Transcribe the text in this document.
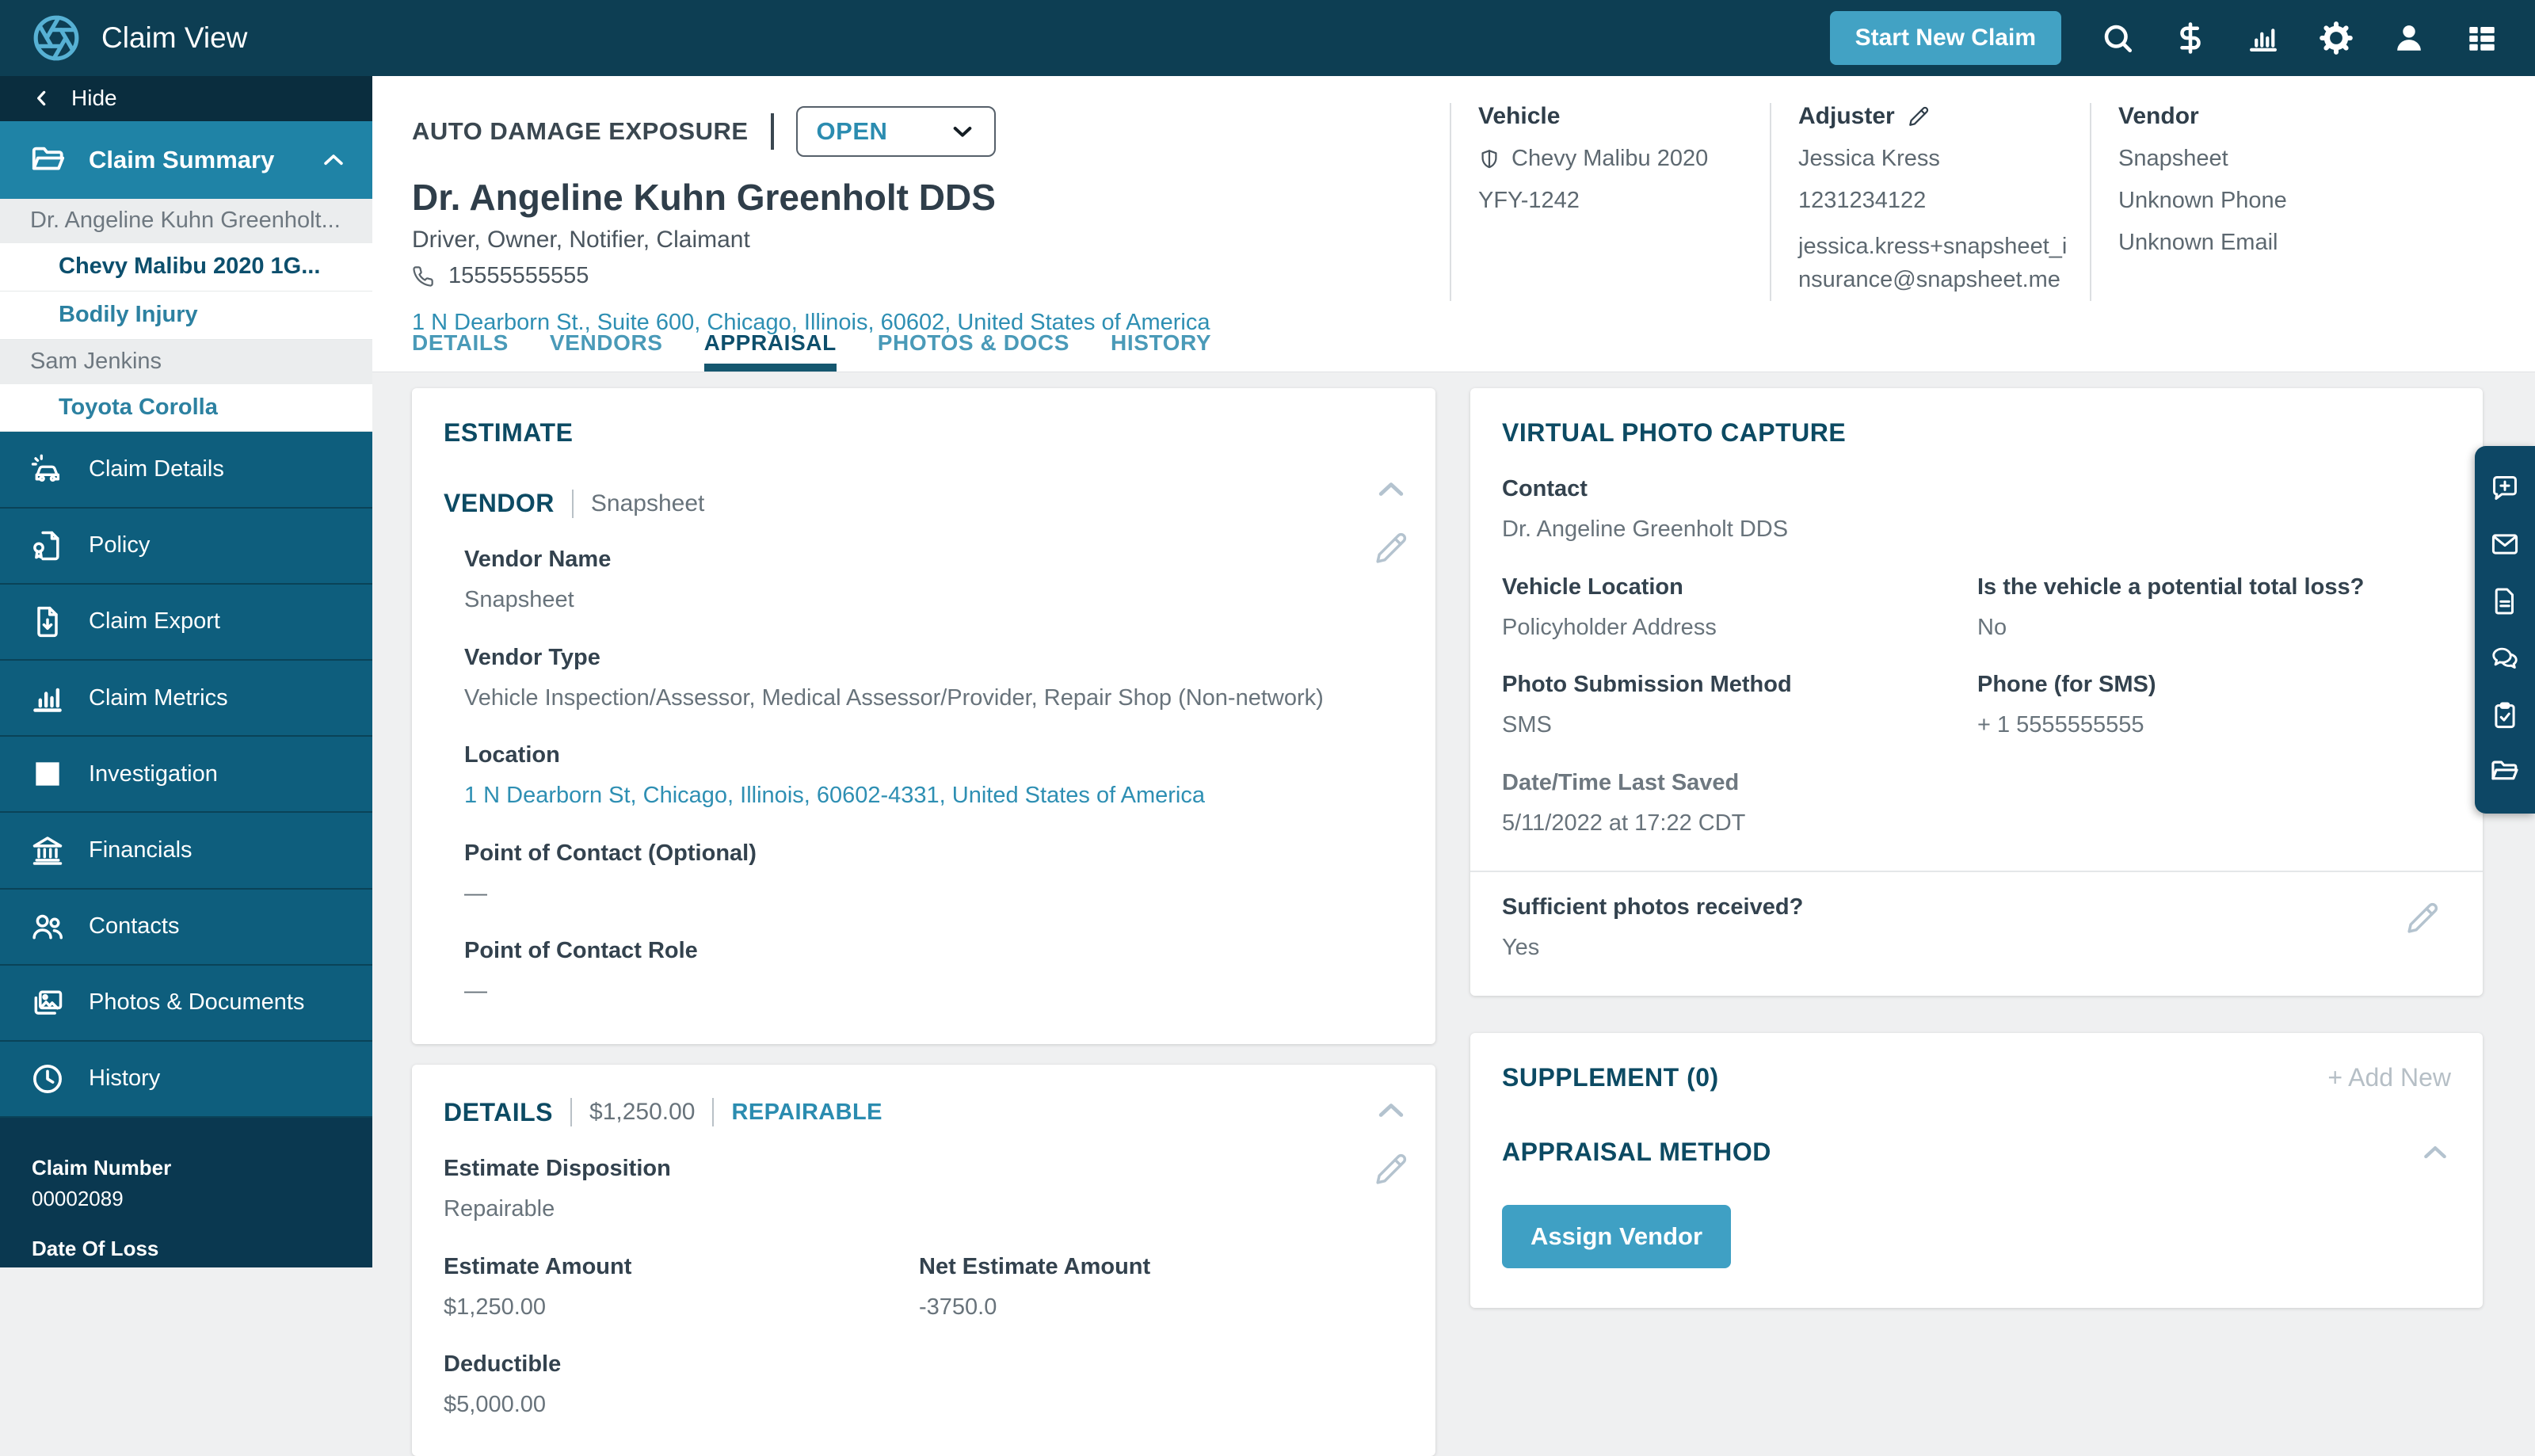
Claim View	Start New Claim
Hide
Claim Summary
Dr. Angeline Kuhn Greenholt...
Chevy Malibu 2020 1G...
Bodily Injury
Sam Jenkins
Toyota Corolla
Claim Details
Policy
Claim Export
Claim Metrics
Investigation
Financials
Contacts
Photos & Documents
History
Claim Number
00002089
Date Of Loss
AUTO DAMAGE EXPOSURE	OPEN
Dr. Angeline Kuhn Greenholt DDS
Driver, Owner, Notifier, Claimant
15555555555
1 N Dearborn St., Suite 600, Chicago, Illinois, 60602, United States of America
Vehicle
Chevy Malibu 2020
YFY-1242
Adjuster
Jessica Kress
1231234122
jessica.kress+snapsheet_insurance@snapsheet.me
Vendor
Snapsheet
Unknown Phone
Unknown Email
DETAILS VENDORS APPRAISAL PHOTOS & DOCS HISTORY
ESTIMATE
VENDOR Snapsheet
Vendor Name
Snapsheet
Vendor Type
Vehicle Inspection/Assessor, Medical Assessor/Provider, Repair Shop (Non-network)
Location
1 N Dearborn St, Chicago, Illinois, 60602-4331, United States of America
Point of Contact (Optional)
—
Point of Contact Role
—
DETAILS $1,250.00 REPAIRABLE
Estimate Disposition
Repairable
Estimate Amount
$1,250.00
Net Estimate Amount
-3750.0
Deductible
$5,000.00
VIRTUAL PHOTO CAPTURE
Contact
Dr. Angeline Greenholt DDS
Vehicle Location
Policyholder Address
Is the vehicle a potential total loss?
No
Photo Submission Method
SMS
Phone (for SMS)
+ 1 5555555555
Date/Time Last Saved
5/11/2022 at 17:22 CDT
Sufficient photos received?
Yes
SUPPLEMENT (0)	+ Add New
APPRAISAL METHOD
Assign Vendor
